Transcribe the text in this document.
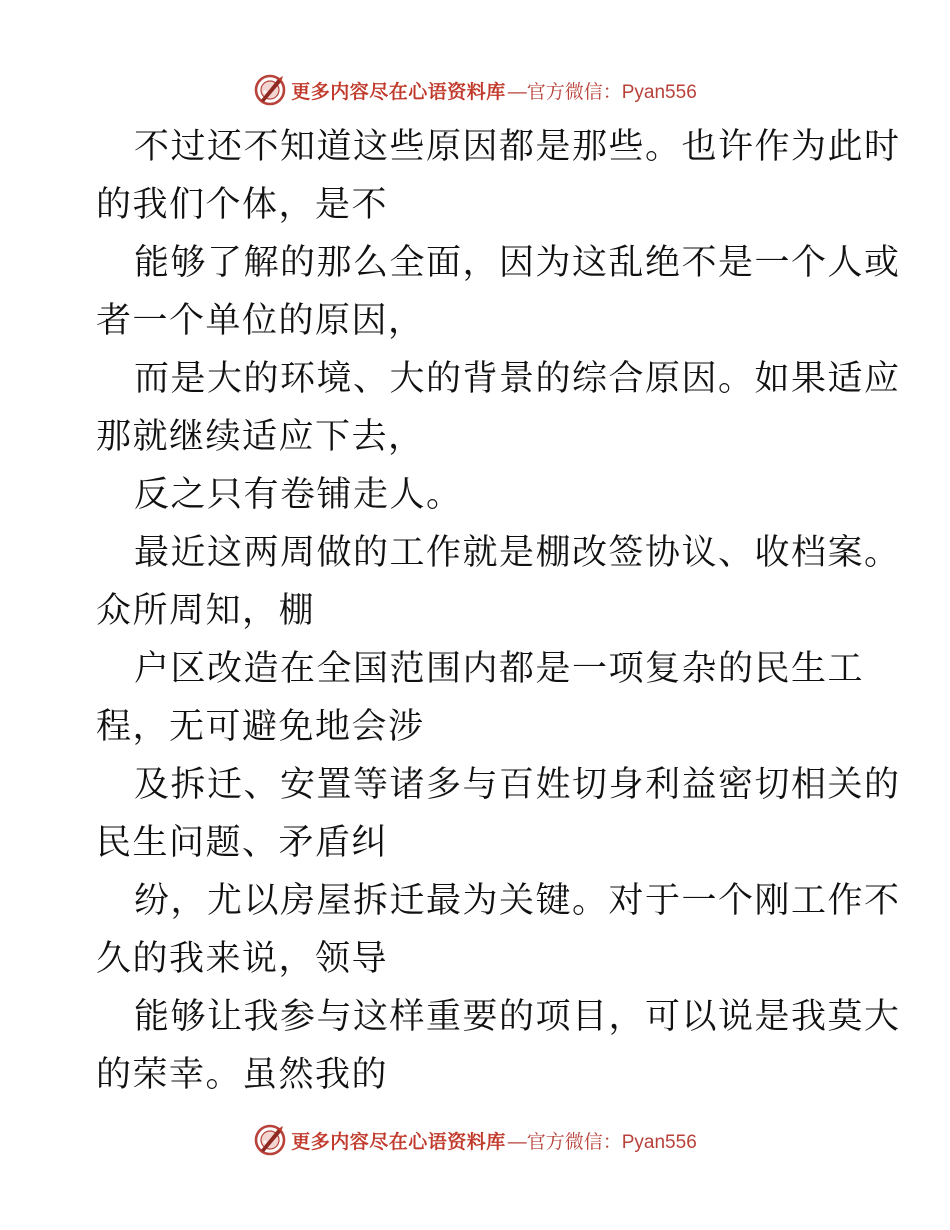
更多内容尽在心语资料库 —官方微信：Pyan556
不过还不知道这些原因都是那些。也许作为此时
的我们个体，是不
能够了解的那么全面，因为这乱绝不是一个人或
者一个单位的原因，
而是大的环境、大的背景的综合原因。如果适应
那就继续适应下去，
反之只有卷铺走人。
最近这两周做的工作就是棚改签协议、收档案。
众所周知，棚
户区改造在全国范围内都是一项复杂的民生工
程，无可避免地会涉
及拆迁、安置等诸多与百姓切身利益密切相关的
民生问题、矛盾纠
纷，尤以房屋拆迁最为关键。对于一个刚工作不
久的我来说，领导
能够让我参与这样重要的项目，可以说是我莫大
的荣幸。虽然我的
更多内容尽在心语资料库 —官方微信：Pyan556
